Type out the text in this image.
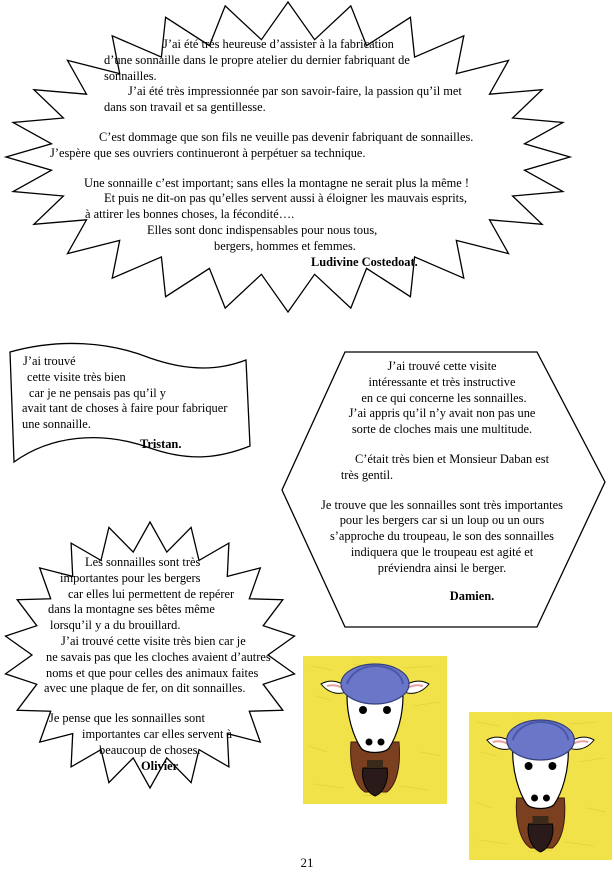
J’ai été très heureuse d’assister à la fabrication
d’une sonnaille dans le propre atelier du dernier fabriquant de
sonnailles.
J’ai été très impressionnée par son savoir-faire, la passion qu’il met
dans son travail et sa gentillesse.
C’est dommage que son fils ne veuille pas devenir fabriquant de sonnailles.
J’espère que ses ouvriers continueront à perpétuer sa technique.
Une sonnaille c’est important; sans elles la montagne ne serait plus la même !
Et puis ne dit-on pas qu’elles servent aussi à éloigner les mauvais esprits,
à attirer les bonnes choses, la fécondité….
Elles sont donc indispensables pour nous tous,
bergers, hommes et femmes.
Ludivine Costedoat.
J’ai trouvé
cette visite très bien
car je ne pensais pas qu’il y
avait tant de choses à faire pour fabriquer
une sonnaille.
Tristan.
J’ai trouvé cette visite
intéressante et très instructive
en ce qui concerne les sonnailles.
J’ai appris qu’il n’y avait non pas une
sorte de cloches mais une multitude.
C’était très bien et Monsieur Daban est
très gentil.
Je trouve que les sonnailles sont très importantes
pour les bergers car si un loup ou un ours
s’approche du troupeau, le son des sonnailles
indiquera que le troupeau est agité et
préviendra ainsi le berger.
Damien.
Les sonnailles sont très
importantes pour les bergers
car elles lui permettent de repérer
dans la montagne ses bêtes même
lorsqu’il y a du brouillard.
J’ai trouvé cette visite très bien car je
ne savais pas que les cloches avaient d’autres
noms et que pour celles des animaux faites
avec une plaque de fer, on dit sonnailles.
Je pense que les sonnailles sont
importantes car elles servent à
beaucoup de choses.
Olivier
21
